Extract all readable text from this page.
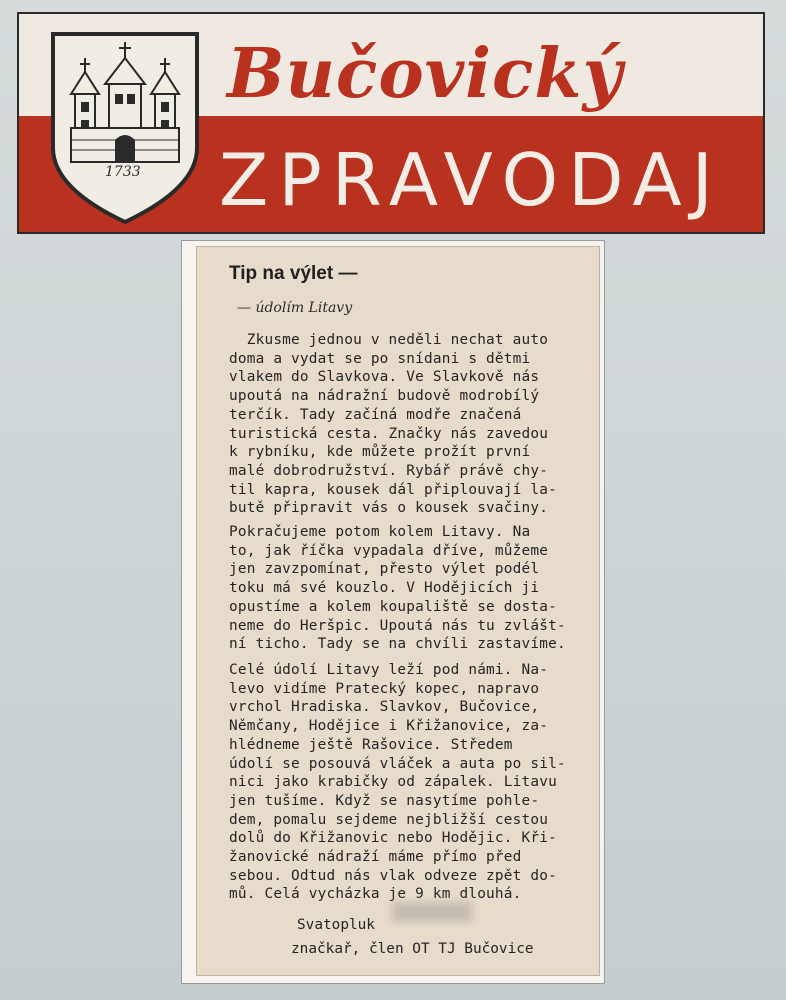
1733
Bučovický
ZPRAVODAJ
Tip na výlet —
— údolím Litavy
Zkusme jednou v neděli nechat auto
doma a vydat se po snídani s dětmi
vlakem do Slavkova. Ve Slavkově nás
upoutá na nádražní budově modrobílý
terčík. Tady začíná modře značená
turistická cesta. Značky nás zavedou
k rybníku, kde můžete prožít první
malé dobrodružství. Rybář právě chy-
til kapra, kousek dál připlouvají la-
butě připravit vás o kousek svačiny.
Pokračujeme potom kolem Litavy. Na
to, jak říčka vypadala dříve, můžeme
jen zavzpomínat, přesto výlet podél
toku má své kouzlo. V Hodějicích ji
opustíme a kolem koupaliště se dosta-
neme do Heršpic. Upoutá nás tu zvlášt-
ní ticho. Tady se na chvíli zastavíme.
Celé údolí Litavy leží pod námi. Na-
levo vidíme Pratecký kopec, napravo
vrchol Hradiska. Slavkov, Bučovice,
Němčany, Hodějice i Křižanovice, za-
hlédneme ještě Rašovice. Středem
údolí se posouvá vláček a auta po sil-
nici jako krabičky od zápalek. Litavu
jen tušíme. Když se nasytíme pohle-
dem, pomalu sejdeme nejbližší cestou
dolů do Křižanovic nebo Hodějic. Kři-
žanovické nádraží máme přímo před
sebou. Odtud nás vlak odveze zpět do-
mů. Celá vycházka je 9 km dlouhá.
Svatopluk
značkař, člen OT TJ Bučovice
